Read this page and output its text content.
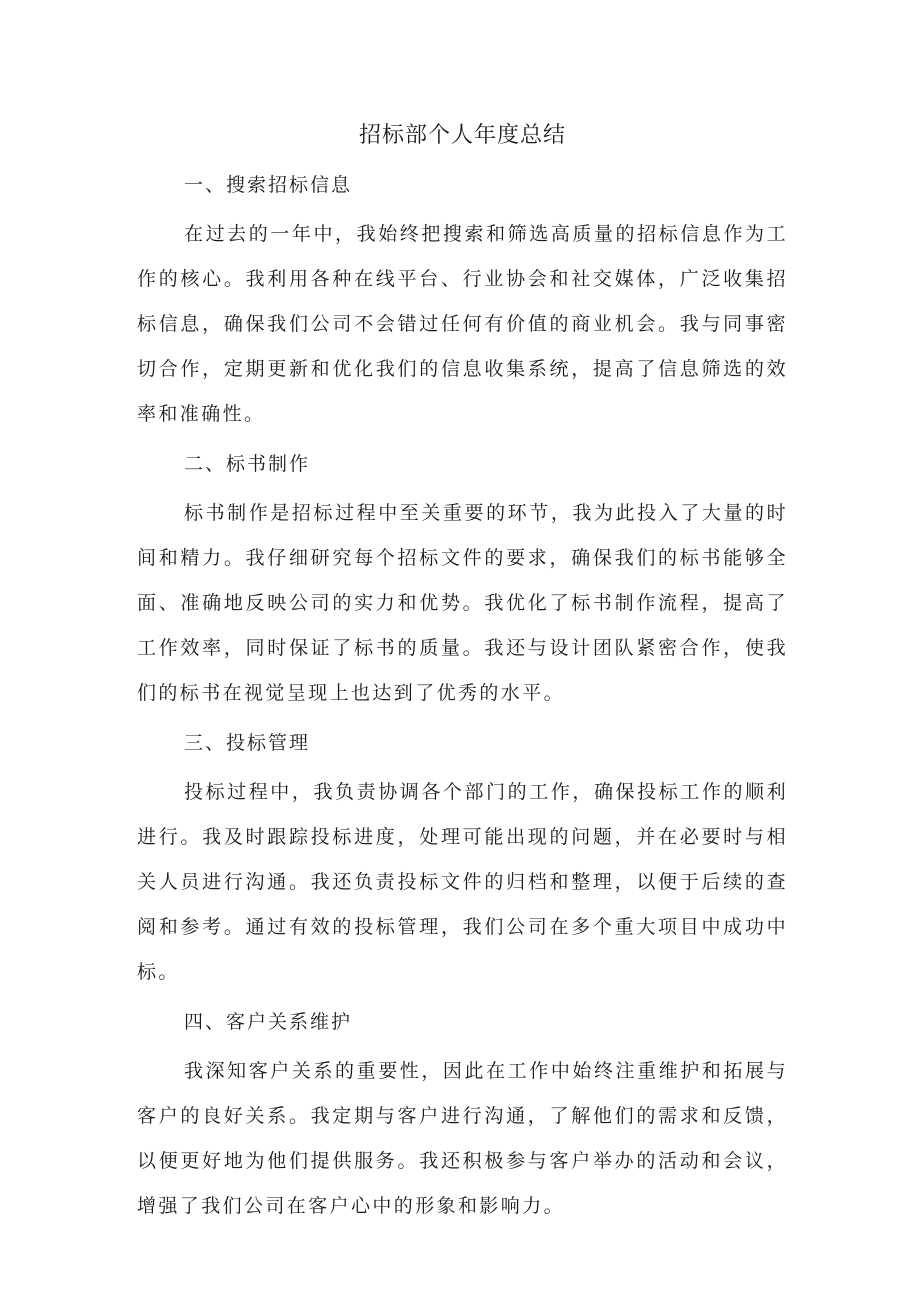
招标部个人年度总结

一、搜索招标信息

在过去的一年中，我始终把搜索和筛选高质量的招标信息作为工作的核心。我利用各种在线平台、行业协会和社交媒体，广泛收集招标信息，确保我们公司不会错过任何有价值的商业机会。我与同事密切合作，定期更新和优化我们的信息收集系统，提高了信息筛选的效率和准确性。

二、标书制作

标书制作是招标过程中至关重要的环节，我为此投入了大量的时间和精力。我仔细研究每个招标文件的要求，确保我们的标书能够全面、准确地反映公司的实力和优势。我优化了标书制作流程，提高了工作效率，同时保证了标书的质量。我还与设计团队紧密合作，使我们的标书在视觉呈现上也达到了优秀的水平。

三、投标管理

投标过程中，我负责协调各个部门的工作，确保投标工作的顺利进行。我及时跟踪投标进度，处理可能出现的问题，并在必要时与相关人员进行沟通。我还负责投标文件的归档和整理，以便于后续的查阅和参考。通过有效的投标管理，我们公司在多个重大项目中成功中标。

四、客户关系维护

我深知客户关系的重要性，因此在工作中始终注重维护和拓展与客户的良好关系。我定期与客户进行沟通，了解他们的需求和反馈，以便更好地为他们提供服务。我还积极参与客户举办的活动和会议，增强了我们公司在客户心中的形象和影响力。
